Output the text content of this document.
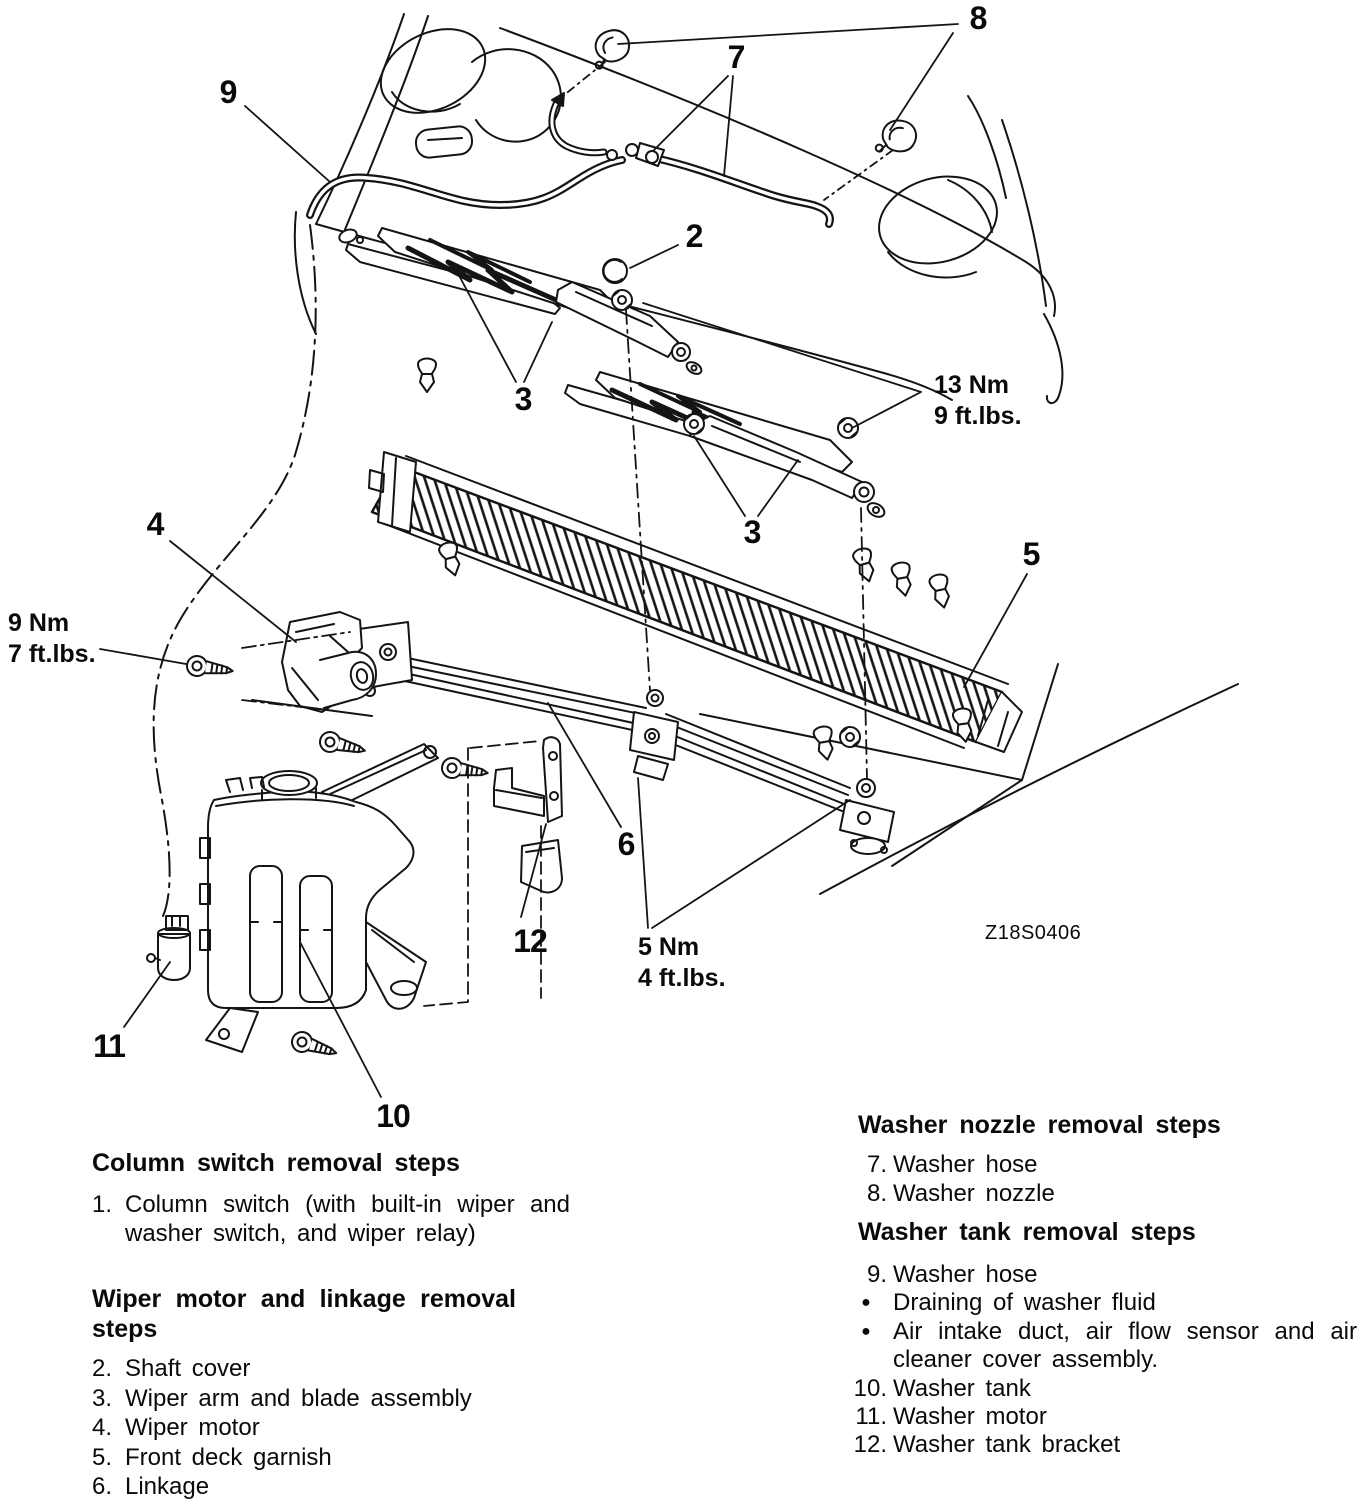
9
8
7
2
3
3
4
5
6
12
11
10
13 Nm
9 ft.lbs.
9 Nm
7 ft.lbs.
5 Nm
4 ft.lbs.
Z18S0406
Column switch removal steps
1. Column switch (with built-in wiper and washer switch, and wiper relay)
Wiper motor and linkage removal steps
2. Shaft cover
3. Wiper arm and blade assembly
4. Wiper motor
5. Front deck garnish
6. Linkage
Washer nozzle removal steps
7. Washer hose
8. Washer nozzle
Washer tank removal steps
9. Washer hose
● Draining of washer fluid
● Air intake duct, air flow sensor and air cleaner cover assembly.
10. Washer tank
11. Washer motor
12. Washer tank bracket
